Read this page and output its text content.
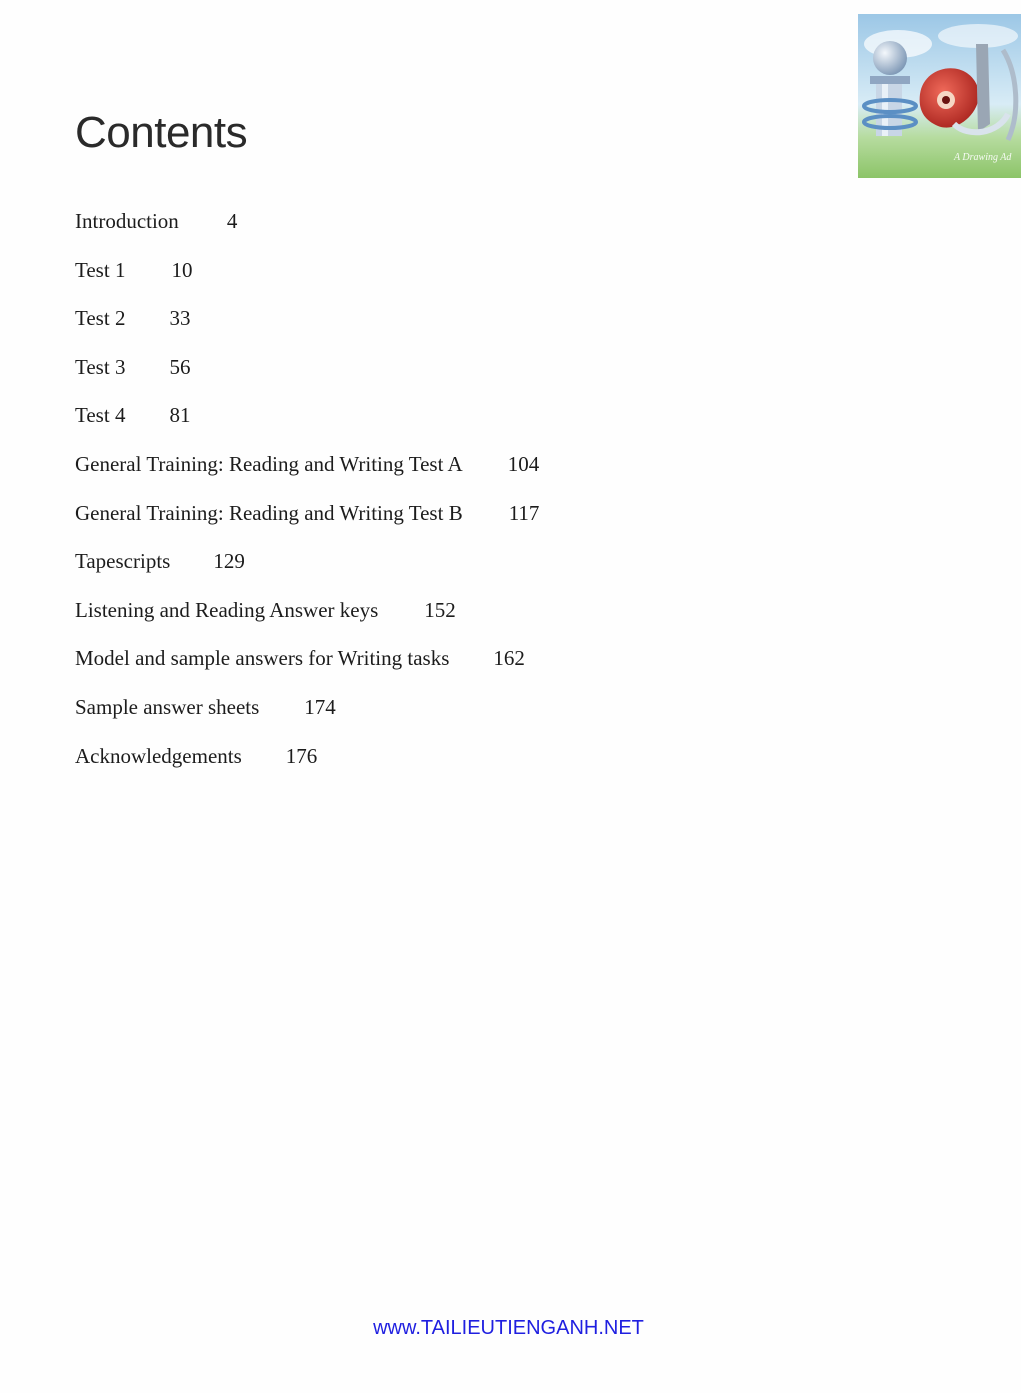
Contents
Introduction 4
Test 1 10
Test 2 33
Test 3 56
Test 4 81
General Training: Reading and Writing Test A 104
General Training: Reading and Writing Test B 117
Tapescripts 129
Listening and Reading Answer keys 152
Model and sample answers for Writing tasks 162
Sample answer sheets 174
Acknowledgements 176
A Drawing Ad
www.TAILIEUTIENGANH.NET
